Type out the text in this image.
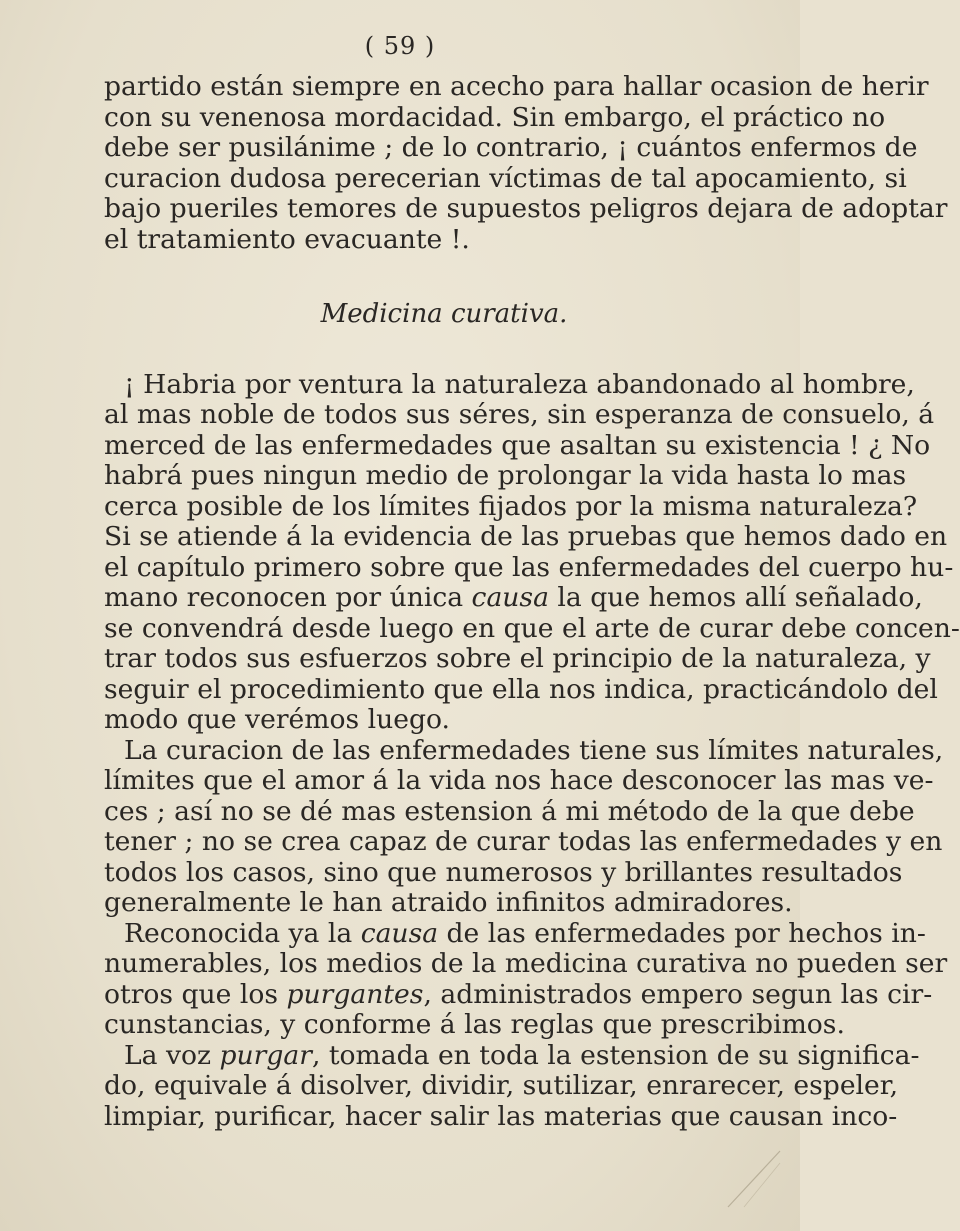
( 59 )
partido están siempre en acecho para hallar ocasion de herir
con su venenosa mordacidad. Sin embargo, el práctico no
debe ser pusilánime ; de lo contrario, ¡ cuántos enfermos de
curacion dudosa perecerian víctimas de tal apocamiento, si
bajo pueriles temores de supuestos peligros dejara de adoptar
el tratamiento evacuante !.
Medicina curativa.
¡ Habria por ventura la naturaleza abandonado al hombre,
al mas noble de todos sus séres, sin esperanza de consuelo, á
merced de las enfermedades que asaltan su existencia ! ¿ No
habrá pues ningun medio de prolongar la vida hasta lo mas
cerca posible de los límites fijados por la misma naturaleza?
Si se atiende á la evidencia de las pruebas que hemos dado en
el capítulo primero sobre que las enfermedades del cuerpo hu-
mano reconocen por única causa la que hemos allí señalado,
se convendrá desde luego en que el arte de curar debe concen-
trar todos sus esfuerzos sobre el principio de la naturaleza, y
seguir el procedimiento que ella nos indica, practicándolo del
modo que verémos luego.
La curacion de las enfermedades tiene sus límites naturales,
límites que el amor á la vida nos hace desconocer las mas ve-
ces ; así no se dé mas estension á mi método de la que debe
tener ; no se crea capaz de curar todas las enfermedades y en
todos los casos, sino que numerosos y brillantes resultados
generalmente le han atraido infinitos admiradores.
Reconocida ya la causa de las enfermedades por hechos in-
numerables, los medios de la medicina curativa no pueden ser
otros que los purgantes, administrados empero segun las cir-
cunstancias, y conforme á las reglas que prescribimos.
La voz purgar, tomada en toda la estension de su significa-
do, equivale á disolver, dividir, sutilizar, enrarecer, espeler,
limpiar, purificar, hacer salir las materias que causan inco-
